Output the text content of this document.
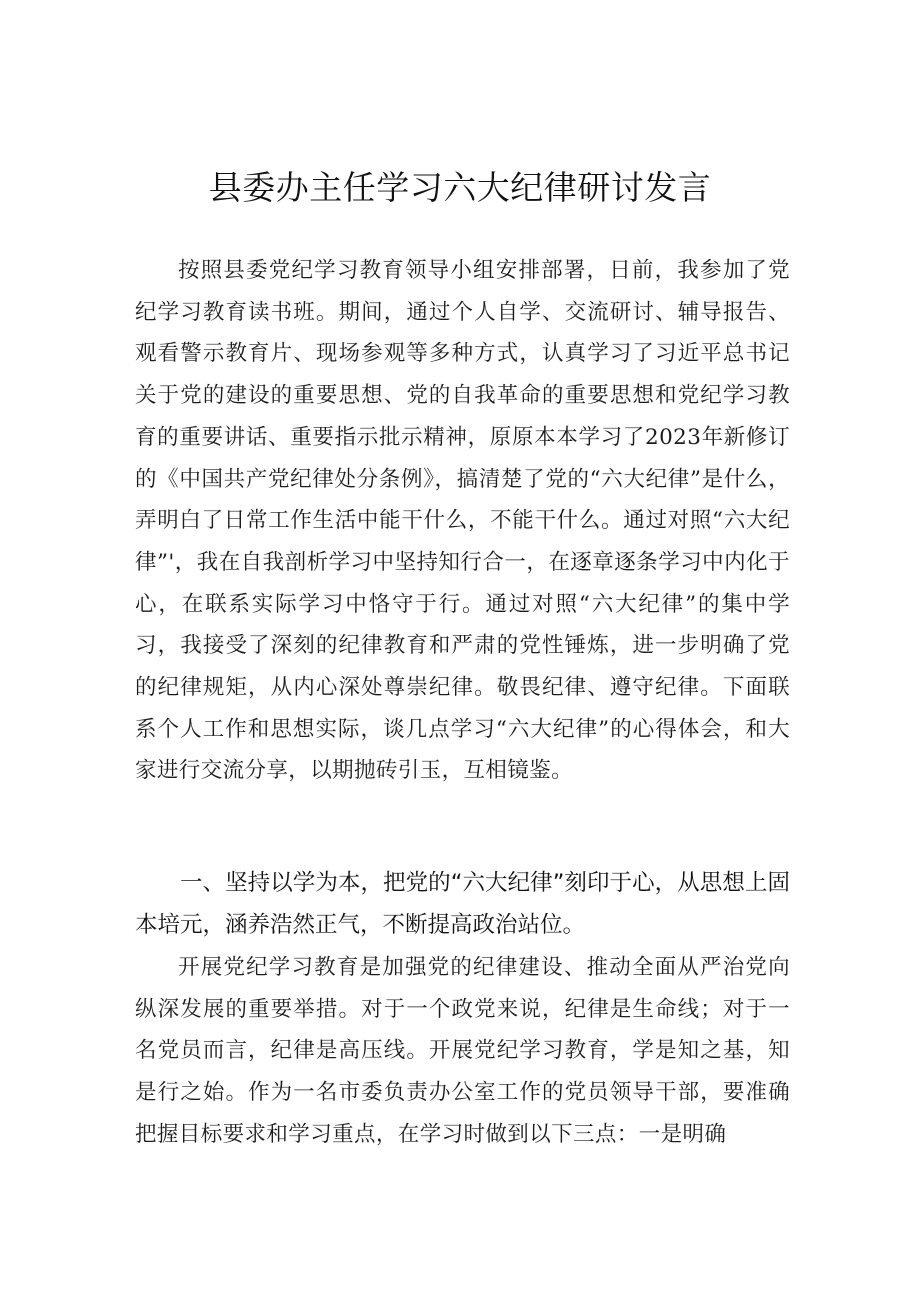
县委办主任学习六大纪律研讨发言

按照县委党纪学习教育领导小组安排部署，日前，我参加了党纪学习教育读书班。期间，通过个人自学、交流研讨、辅导报告、观看警示教育片、现场参观等多种方式，认真学习了习近平总书记关于党的建设的重要思想、党的自我革命的重要思想和党纪学习教育的重要讲话、重要指示批示精神，原原本本学习了2023年新修订的《中国共产党纪律处分条例》，搞清楚了党的“六大纪律”是什么，弄明白了日常工作生活中能干什么，不能干什么。通过对照“六大纪律”'，我在自我剖析学习中坚持知行合一，在逐章逐条学习中内化于心，在联系实际学习中恪守于行。通过对照“六大纪律”的集中学习，我接受了深刻的纪律教育和严肃的党性锤炼，进一步明确了党的纪律规矩，从内心深处尊崇纪律。敬畏纪律、遵守纪律。下面联系个人工作和思想实际，谈几点学习“六大纪律”的心得体会，和大家进行交流分享，以期抛砖引玉，互相镜鉴。

一、坚持以学为本，把党的“六大纪律”刻印于心，从思想上固本培元，涵养浩然正气，不断提高政治站位。

开展党纪学习教育是加强党的纪律建设、推动全面从严治党向纵深发展的重要举措。对于一个政党来说，纪律是生命线；对于一名党员而言，纪律是高压线。开展党纪学习教育，学是知之基，知是行之始。作为一名市委负责办公室工作的党员领导干部，要准确把握目标要求和学习重点，在学习时做到以下三点：一是明确
